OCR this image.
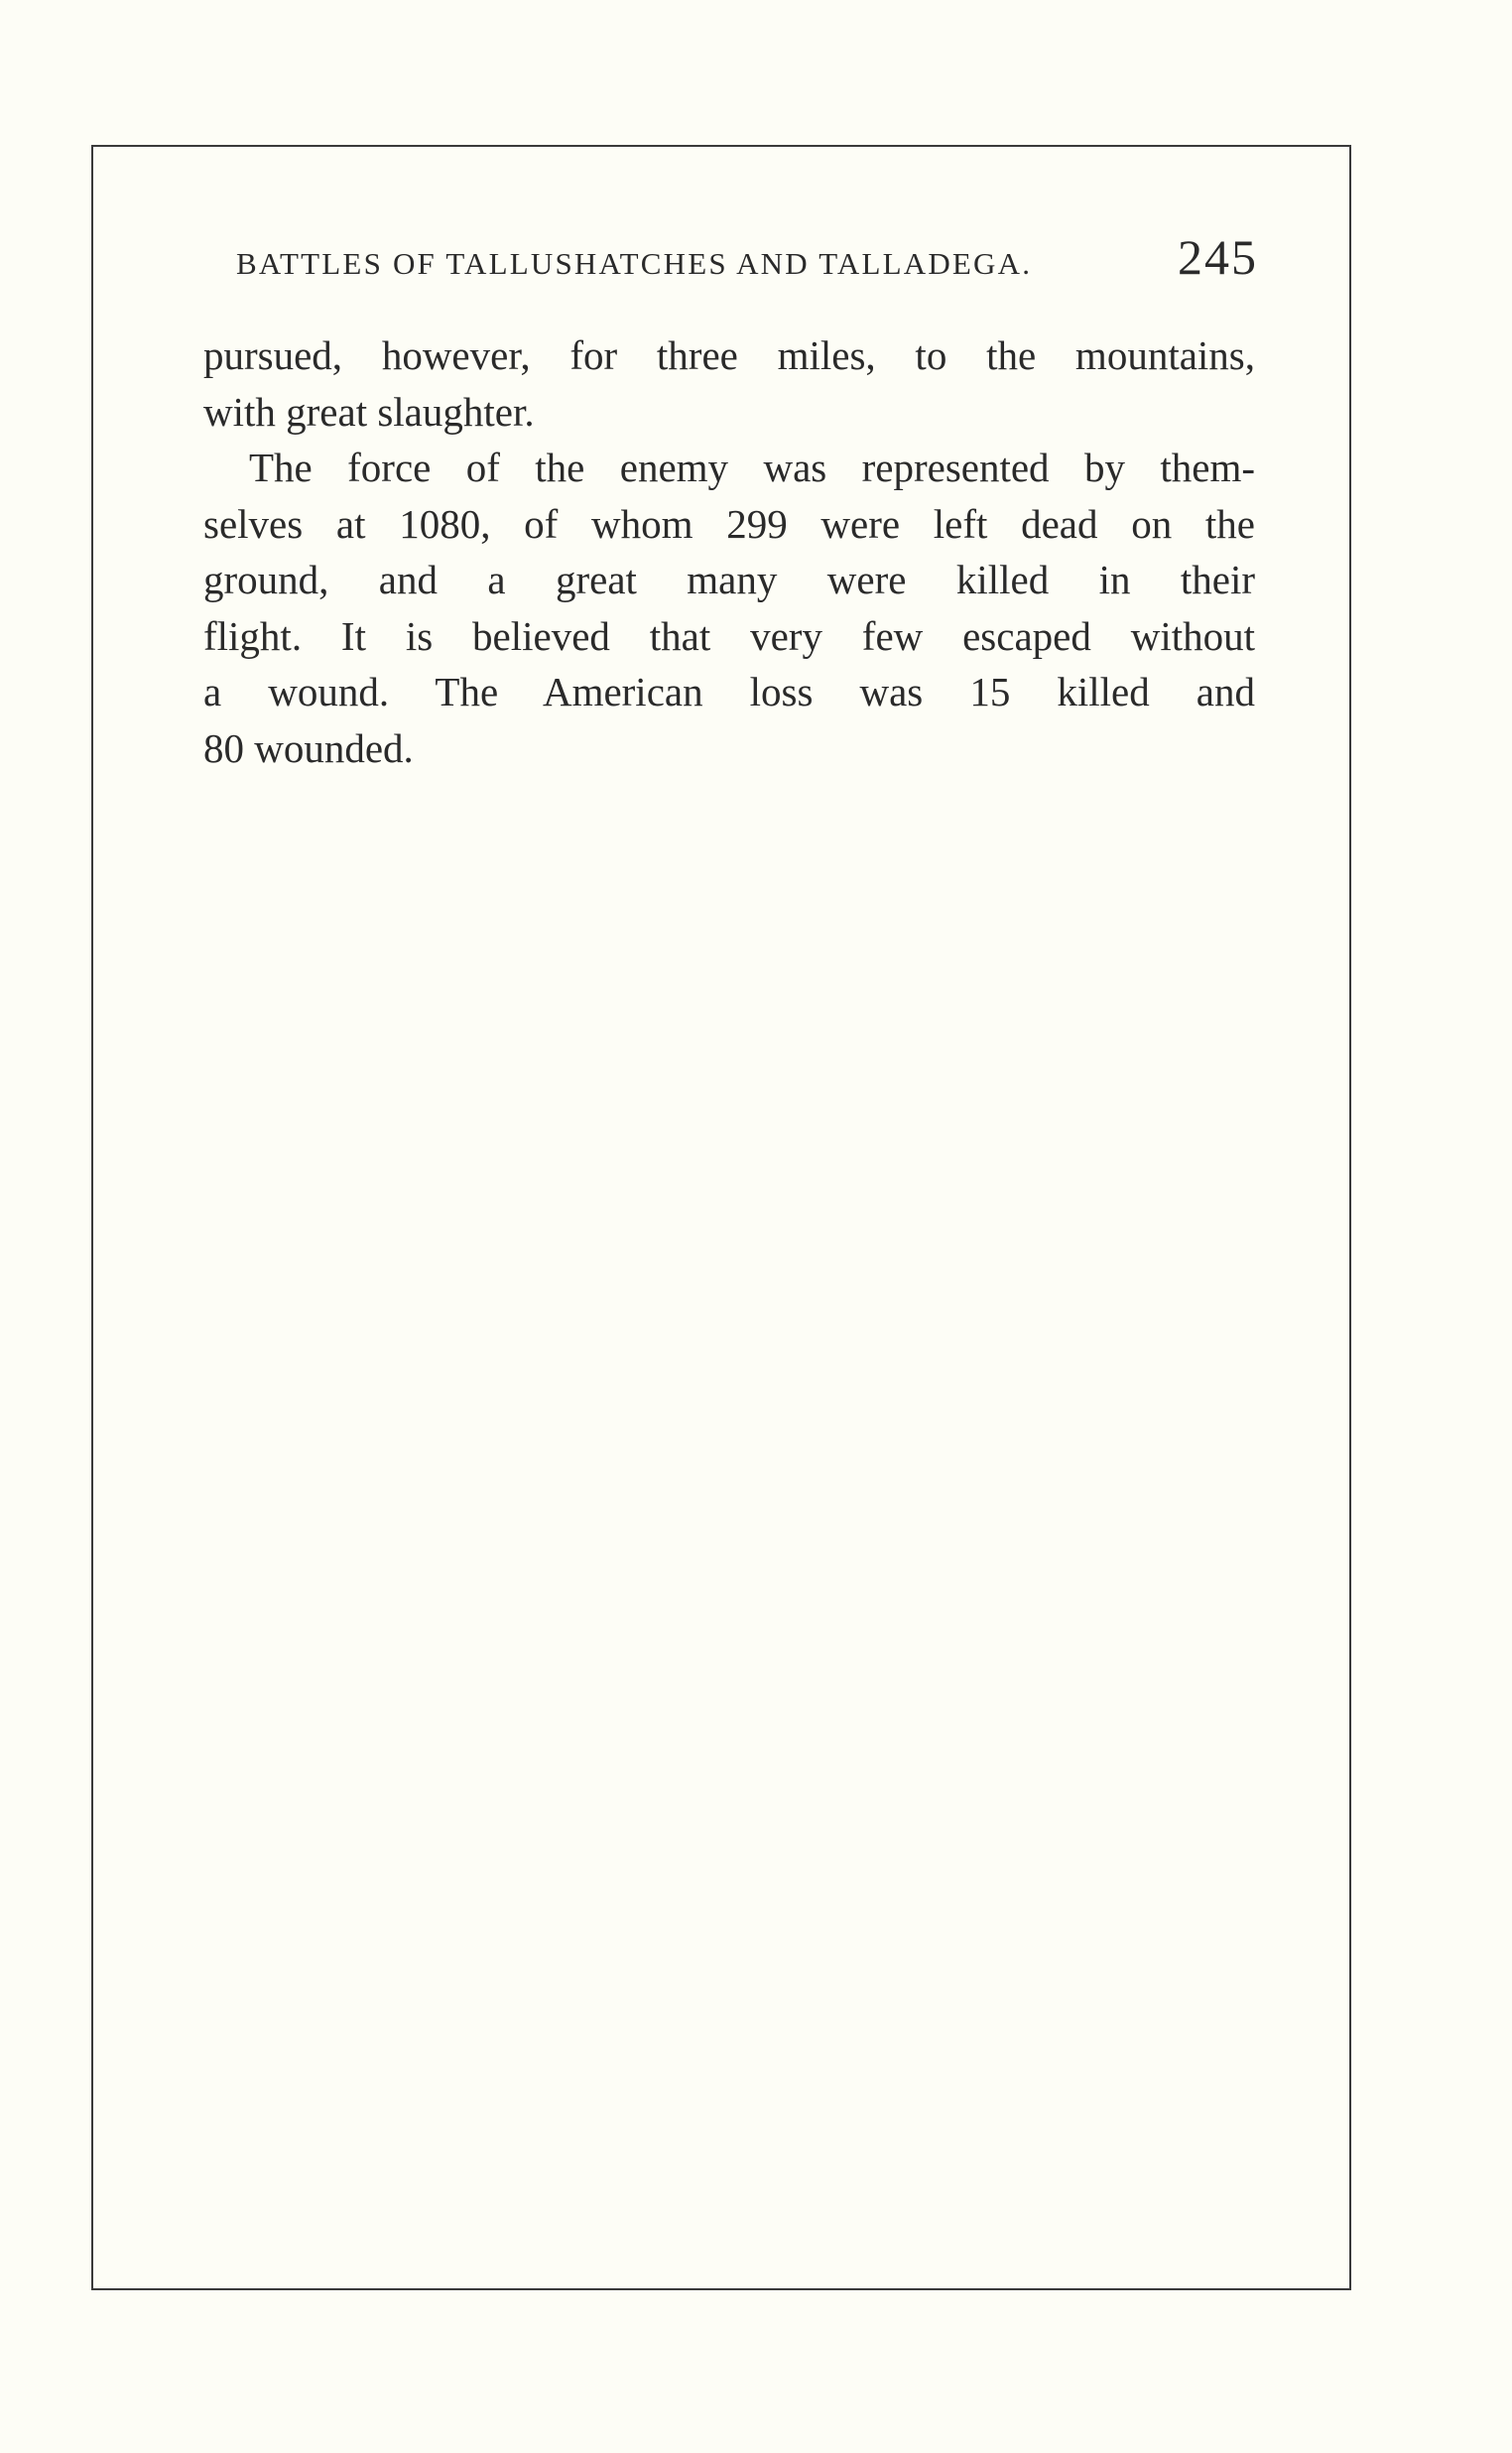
BATTLES OF TALLUSHATCHES AND TALLADEGA.	245
pursued, however, for three miles, to the mountains,
with great slaughter.
The force of the enemy was represented by them-
selves at 1080, of whom 299 were left dead on the
ground, and a great many were killed in their
flight. It is believed that very few escaped without
a wound. The American loss was 15 killed and
80 wounded.
